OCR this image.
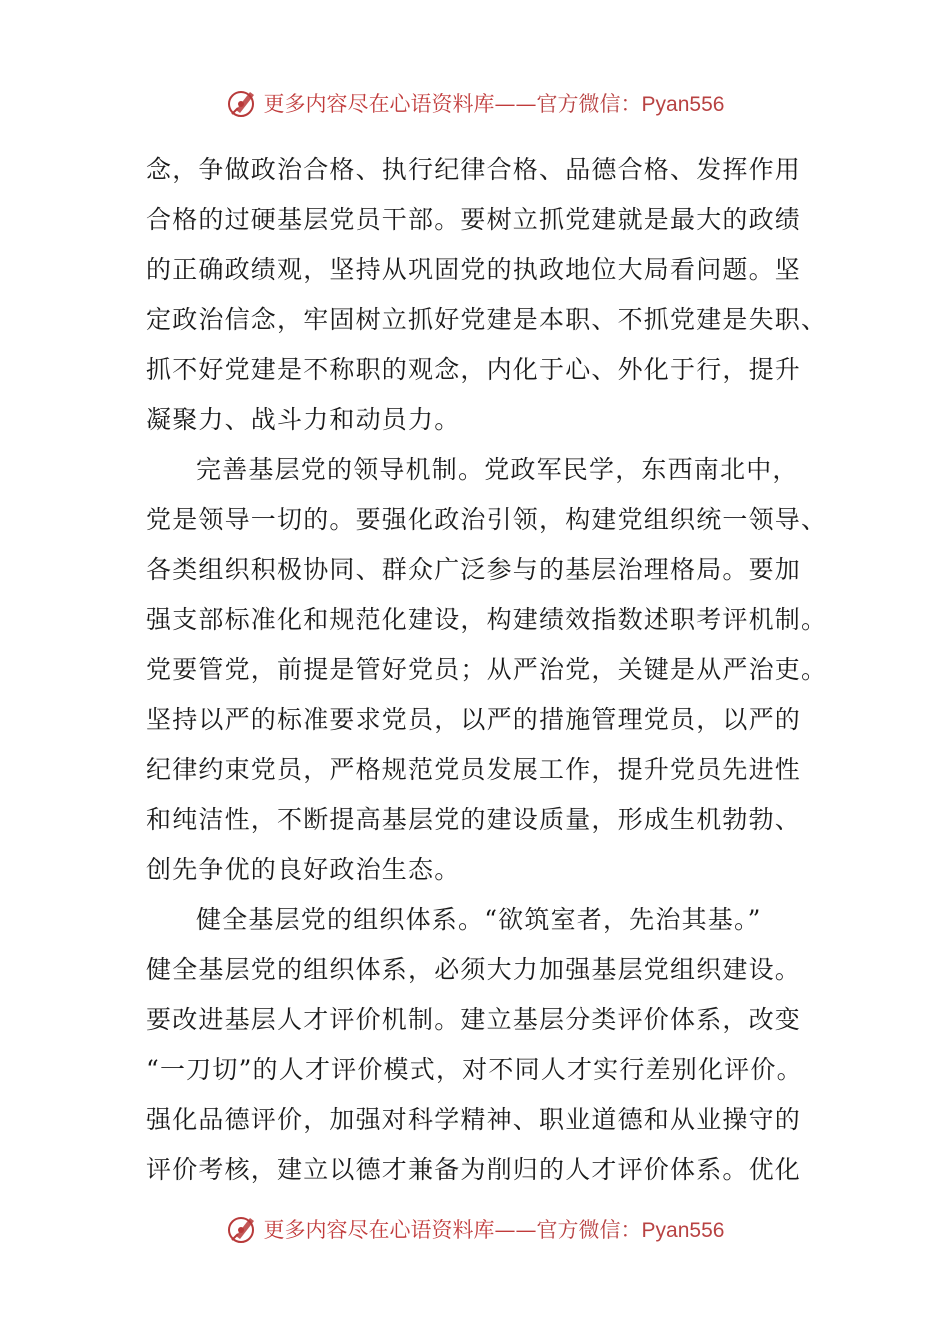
更多内容尽在心语资料库——官方微信：Pyan556
念，争做政治合格、执行纪律合格、品德合格、发挥作用
合格的过硬基层党员干部。要树立抓党建就是最大的政绩
的正确政绩观，坚持从巩固党的执政地位大局看问题。坚
定政治信念，牢固树立抓好党建是本职、不抓党建是失职、
抓不好党建是不称职的观念，内化于心、外化于行，提升
凝聚力、战斗力和动员力。
完善基层党的领导机制。党政军民学，东西南北中，
党是领导一切的。要强化政治引领，构建党组织统一领导、
各类组织积极协同、群众广泛参与的基层治理格局。要加
强支部标准化和规范化建设，构建绩效指数述职考评机制。
党要管党，前提是管好党员；从严治党，关键是从严治吏。
坚持以严的标准要求党员，以严的措施管理党员，以严的
纪律约束党员，严格规范党员发展工作，提升党员先进性
和纯洁性，不断提高基层党的建设质量，形成生机勃勃、
创先争优的良好政治生态。
健全基层党的组织体系。“欲筑室者，先治其基。”
健全基层党的组织体系，必须大力加强基层党组织建设。
要改进基层人才评价机制。建立基层分类评价体系，改变
“一刀切”的人才评价模式，对不同人才实行差别化评价。
强化品德评价，加强对科学精神、职业道德和从业操守的
评价考核，建立以德才兼备为削归的人才评价体系。优化
更多内容尽在心语资料库——官方微信：Pyan556
